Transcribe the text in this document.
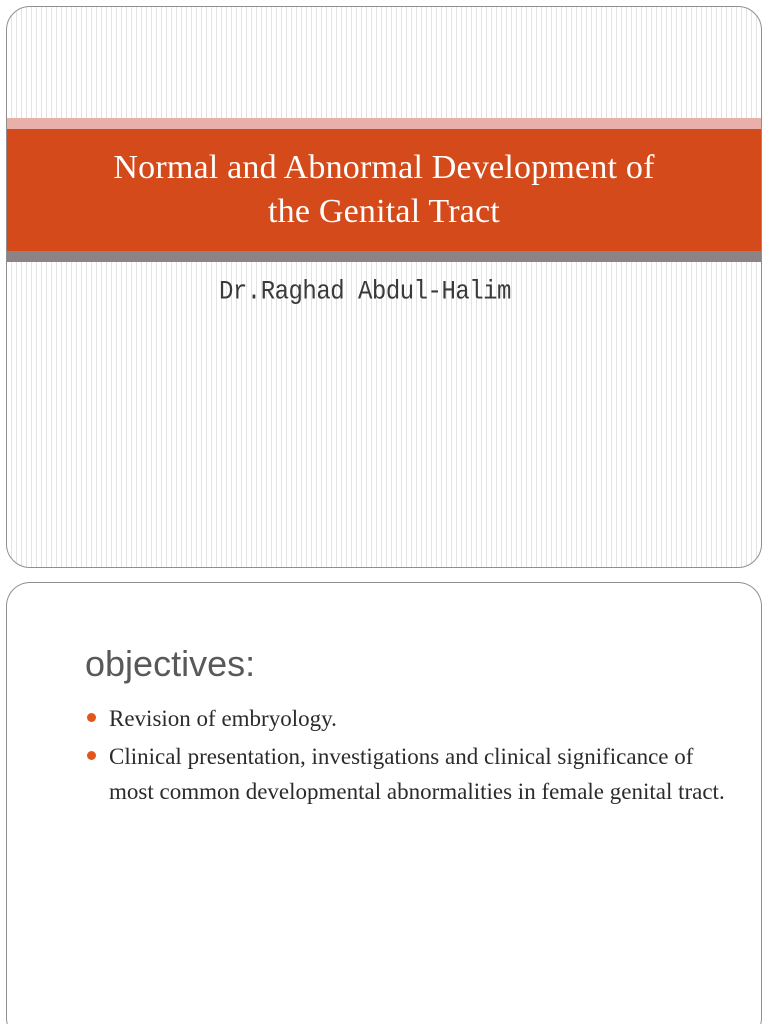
Normal and Abnormal Development of
the Genital Tract
Dr.Raghad Abdul-Halim
objectives:
Revision of embryology.
Clinical presentation, investigations and clinical significance of most common developmental abnormalities in female genital tract.
